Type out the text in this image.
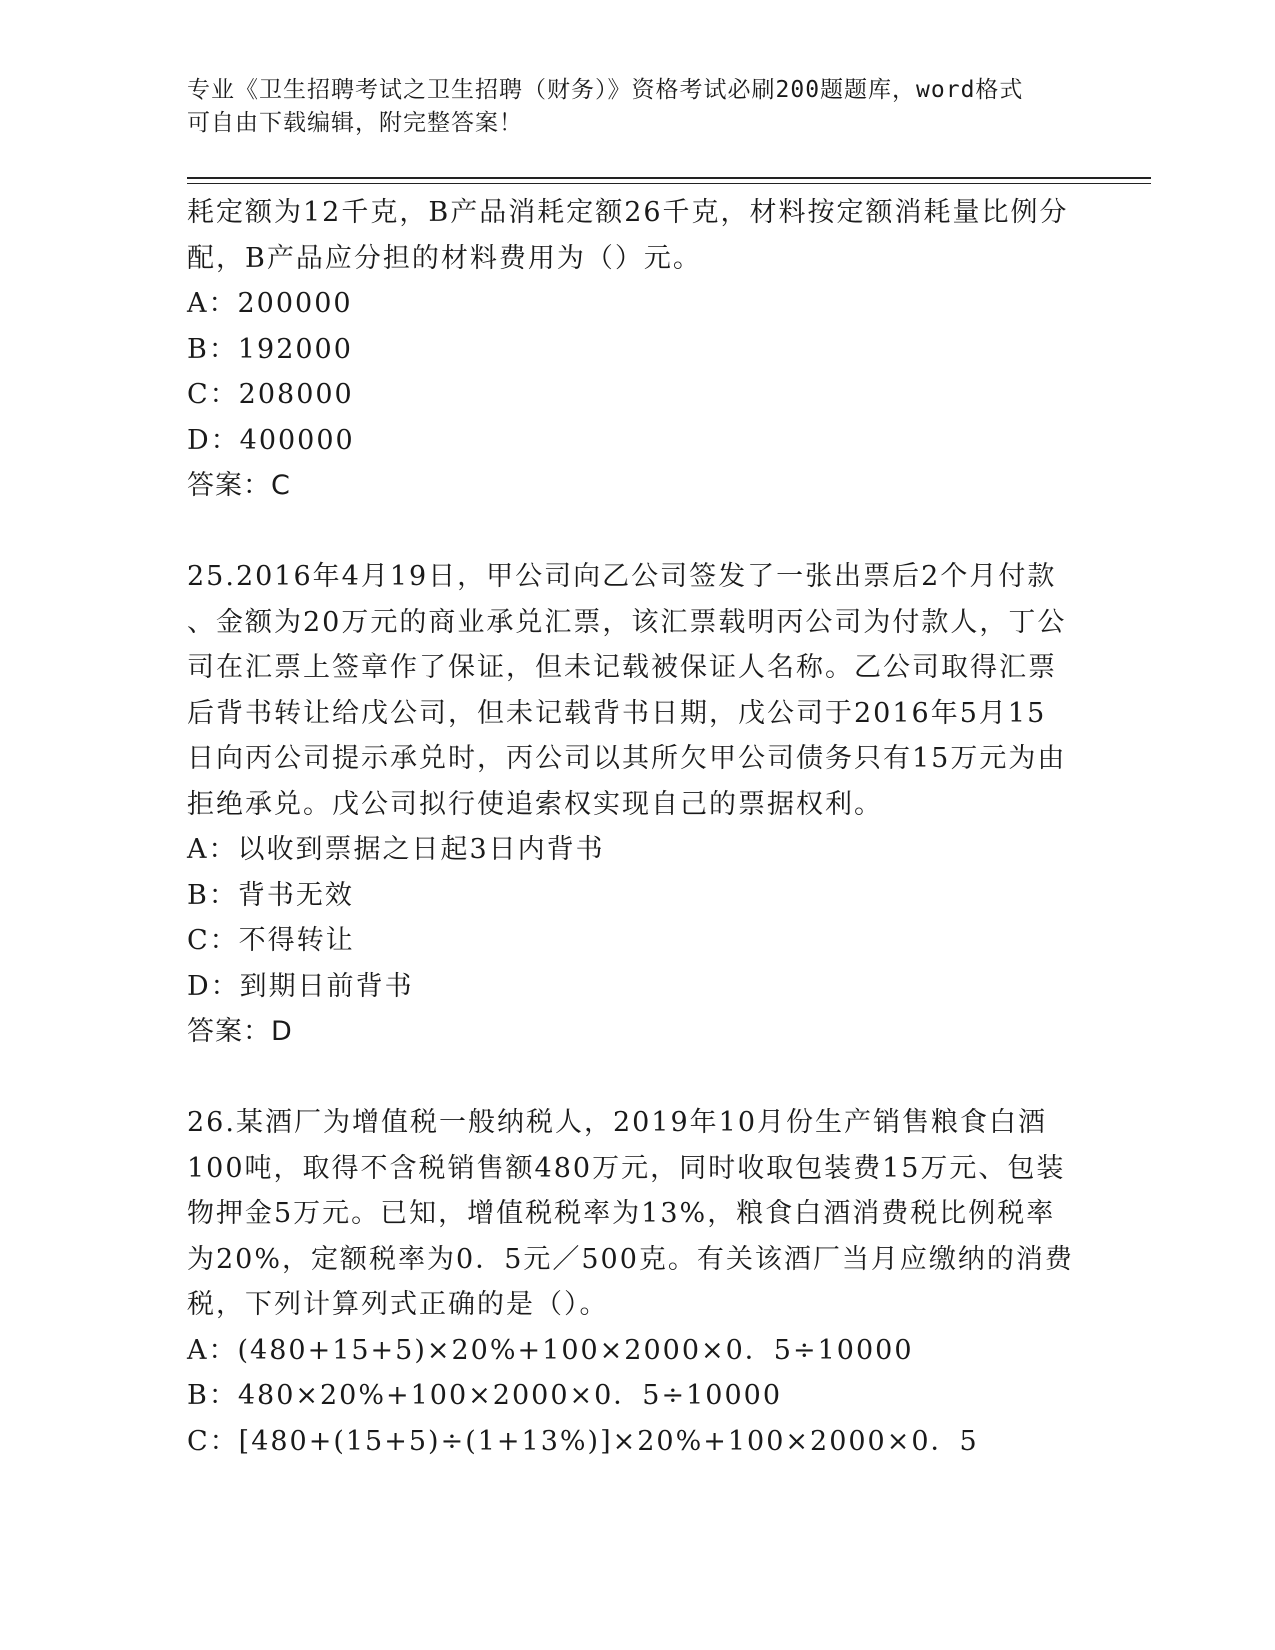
专业《卫生招聘考试之卫生招聘（财务）》资格考试必刷200题题库，word格式
可自由下载编辑，附完整答案！
耗定额为12千克，B产品消耗定额26千克，材料按定额消耗量比例分
配，B产品应分担的材料费用为（）元。
A：200000
B：192000
C：208000
D：400000
答案：C
25.2016年4月19日，甲公司向乙公司签发了一张出票后2个月付款
、金额为20万元的商业承兑汇票，该汇票载明丙公司为付款人，丁公
司在汇票上签章作了保证，但未记载被保证人名称。乙公司取得汇票
后背书转让给戊公司，但未记载背书日期，戊公司于2016年5月15
日向丙公司提示承兑时，丙公司以其所欠甲公司债务只有15万元为由
拒绝承兑。戊公司拟行使追索权实现自己的票据权利。
A：以收到票据之日起3日内背书
B：背书无效
C：不得转让
D：到期日前背书
答案：D
26.某酒厂为增值税一般纳税人，2019年10月份生产销售粮食白酒
100吨，取得不含税销售额480万元，同时收取包装费15万元、包装
物押金5万元。已知，增值税税率为13%，粮食白酒消费税比例税率
为20%，定额税率为0．5元／500克。有关该酒厂当月应缴纳的消费
税，下列计算列式正确的是（）。
A：(480+15+5)×20%+100×2000×0．5÷10000
B：480×20%+100×2000×0．5÷10000
C：[480+(15+5)÷(1+13%)]×20%+100×2000×0．5
